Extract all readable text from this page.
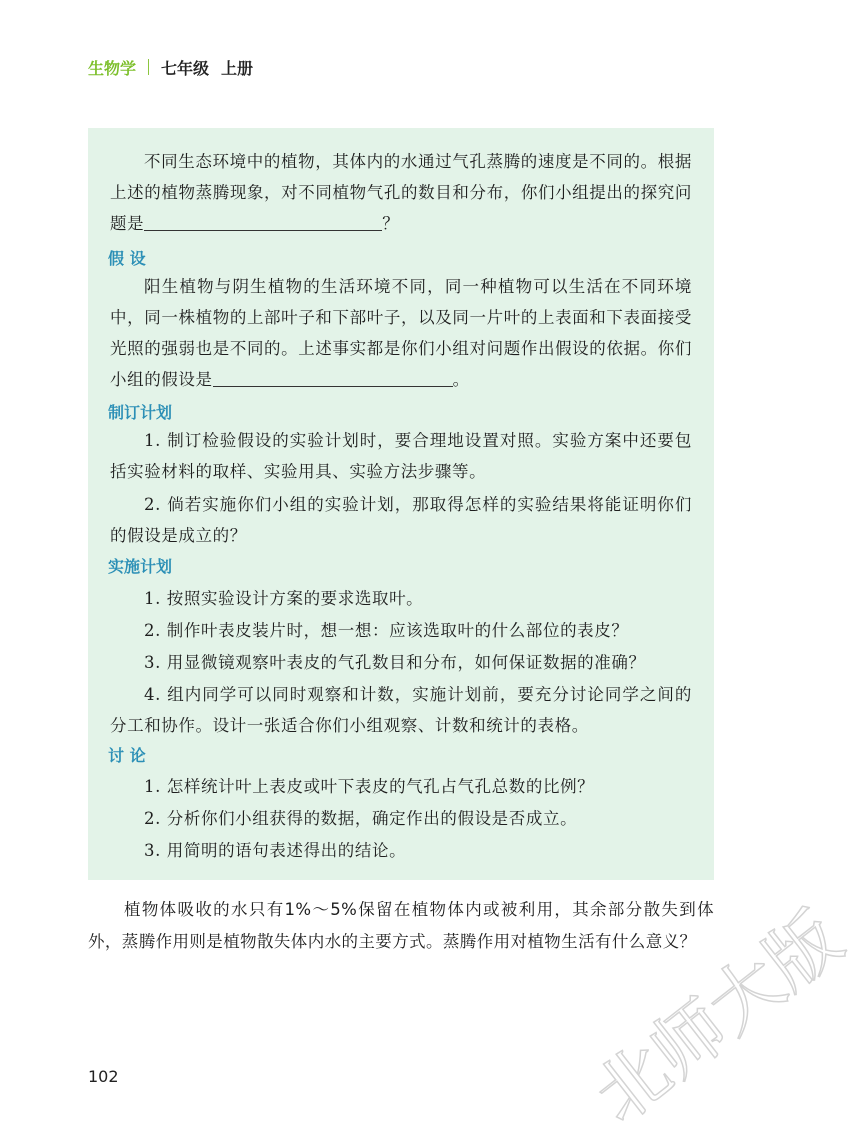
生物学 七年级 上册

不同生态环境中的植物，其体内的水通过气孔蒸腾的速度是不同的。根据上述的植物蒸腾现象，对不同植物气孔的数目和分布，你们小组提出的探究问题是	？

假 设

阳生植物与阴生植物的生活环境不同，同一种植物可以生活在不同环境中，同一株植物的上部叶子和下部叶子，以及同一片叶的上表面和下表面接受光照的强弱也是不同的。上述事实都是你们小组对问题作出假设的依据。你们小组的假设是	。

制订计划

1. 制订检验假设的实验计划时，要合理地设置对照。实验方案中还要包括实验材料的取样、实验用具、实验方法步骤等。

2. 倘若实施你们小组的实验计划，那取得怎样的实验结果将能证明你们的假设是成立的？

实施计划

1. 按照实验设计方案的要求选取叶。

2. 制作叶表皮装片时，想一想：应该选取叶的什么部位的表皮？

3. 用显微镜观察叶表皮的气孔数目和分布，如何保证数据的准确？

4. 组内同学可以同时观察和计数，实施计划前，要充分讨论同学之间的分工和协作。设计一张适合你们小组观察、计数和统计的表格。

讨 论

1. 怎样统计叶上表皮或叶下表皮的气孔占气孔总数的比例？

2. 分析你们小组获得的数据，确定作出的假设是否成立。

3. 用简明的语句表述得出的结论。

植物体吸收的水只有1%～5%保留在植物体内或被利用，其余部分散失到体外，蒸腾作用则是植物散失体内水的主要方式。蒸腾作用对植物生活有什么意义？

102	北师大版
